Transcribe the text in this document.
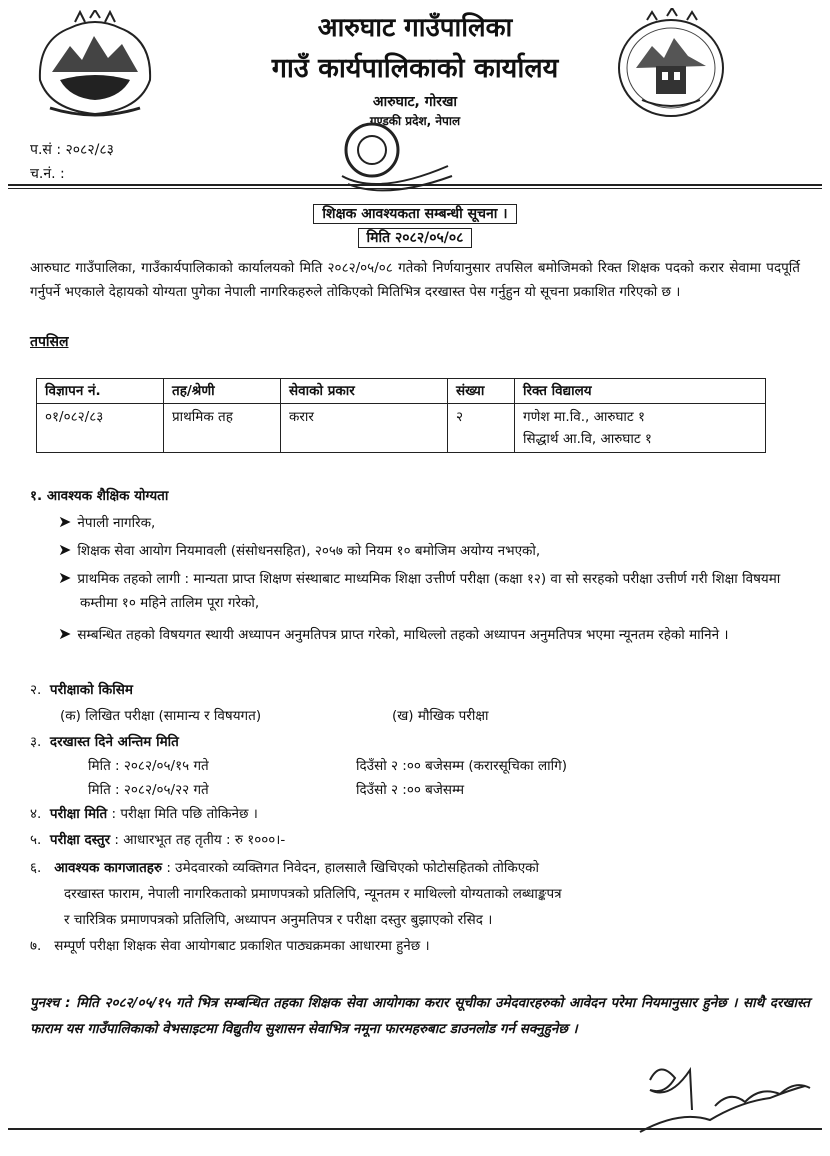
आरुघाट गाउँपालिका
गाउँ कार्यपालिकाको कार्यालय
आरुघाट, गोरखा
गण्डकी प्रदेश, नेपाल
प.सं : २०८२/८३
च.नं. :
शिक्षक आवश्यकता सम्बन्धी सूचना ।
मिति २०८२/०५/०८
आरुघाट गाउँपालिका, गाउँकार्यपालिकाको कार्यालयको मिति २०८२/०५/०८ गतेको निर्णयानुसार तपसिल बमोजिमको रिक्त शिक्षक पदको करार सेवामा पदपूर्ति गर्नुपर्ने भएकाले देहायको योग्यता पुगेका नेपाली नागरिकहरुले तोकिएको मितिभित्र दरखास्त पेस गर्नुहुन यो सूचना प्रकाशित गरिएको छ ।
तपसिल
विज्ञापन नं.	तह/श्रेणी	सेवाको प्रकार	संख्या	रिक्त विद्यालय
०१/०८२/८३	प्राथमिक तह	करार	२	गणेश मा.वि., आरुघाट १
सिद्धार्थ आ.वि, आरुघाट १
१. आवश्यक शैक्षिक योग्यता
➤ नेपाली नागरिक,
➤ शिक्षक सेवा आयोग नियमावली (संसोधनसहित), २०५७ को नियम १० बमोजिम अयोग्य नभएको,
➤ प्राथमिक तहको लागी : मान्यता प्राप्त शिक्षण संस्थाबाट माध्यमिक शिक्षा उत्तीर्ण परीक्षा (कक्षा १२) वा सो सरहको परीक्षा उत्तीर्ण गरी शिक्षा विषयमा कम्तीमा १० महिने तालिम पूरा गरेको,
➤ सम्बन्धित तहको विषयगत स्थायी अध्यापन अनुमतिपत्र प्राप्त गरेको, माथिल्लो तहको अध्यापन अनुमतिपत्र भएमा न्यूनतम रहेको मानिने ।
२. परीक्षाको किसिम
(क) लिखित परीक्षा (सामान्य र विषयगत)	(ख) मौखिक परीक्षा
३. दरखास्त दिने अन्तिम मिति
मिति : २०८२/०५/१५ गते	दिउँसो २ :०० बजेसम्म (करारसूचिका लागि)
मिति : २०८२/०५/२२ गते	दिउँसो २ :०० बजेसम्म
४. परीक्षा मिति : परीक्षा मिति पछि तोकिनेछ ।
५. परीक्षा दस्तुर : आधारभूत तह तृतीय : रु १०००।-
६. आवश्यक कागजातहरु : उमेदवारको व्यक्तिगत निवेदन, हालसालै खिचिएको फोटोसहितको तोकिएको
दरखास्त फाराम, नेपाली नागरिकताको प्रमाणपत्रको प्रतिलिपि, न्यूनतम र माथिल्लो योग्यताको लब्धाङ्कपत्र
र चारित्रिक प्रमाणपत्रको प्रतिलिपि, अध्यापन अनुमतिपत्र र परीक्षा दस्तुर बुझाएको रसिद ।
७. सम्पूर्ण परीक्षा शिक्षक सेवा आयोगबाट प्रकाशित पाठ्यक्रमका आधारमा हुनेछ ।
पुनश्च : मिति २०८२/०५/१५ गते भित्र सम्बन्धित तहका शिक्षक सेवा आयोगका करार सूचीका उमेदवारहरुको आवेदन परेमा नियमानुसार हुनेछ । साथै दरखास्त फाराम यस गाउँपालिकाको वेभसाइटमा विद्युतीय सुशासन सेवाभित्र नमूना फारमहरुबाट डाउनलोड गर्न सक्नुहुनेछ ।
